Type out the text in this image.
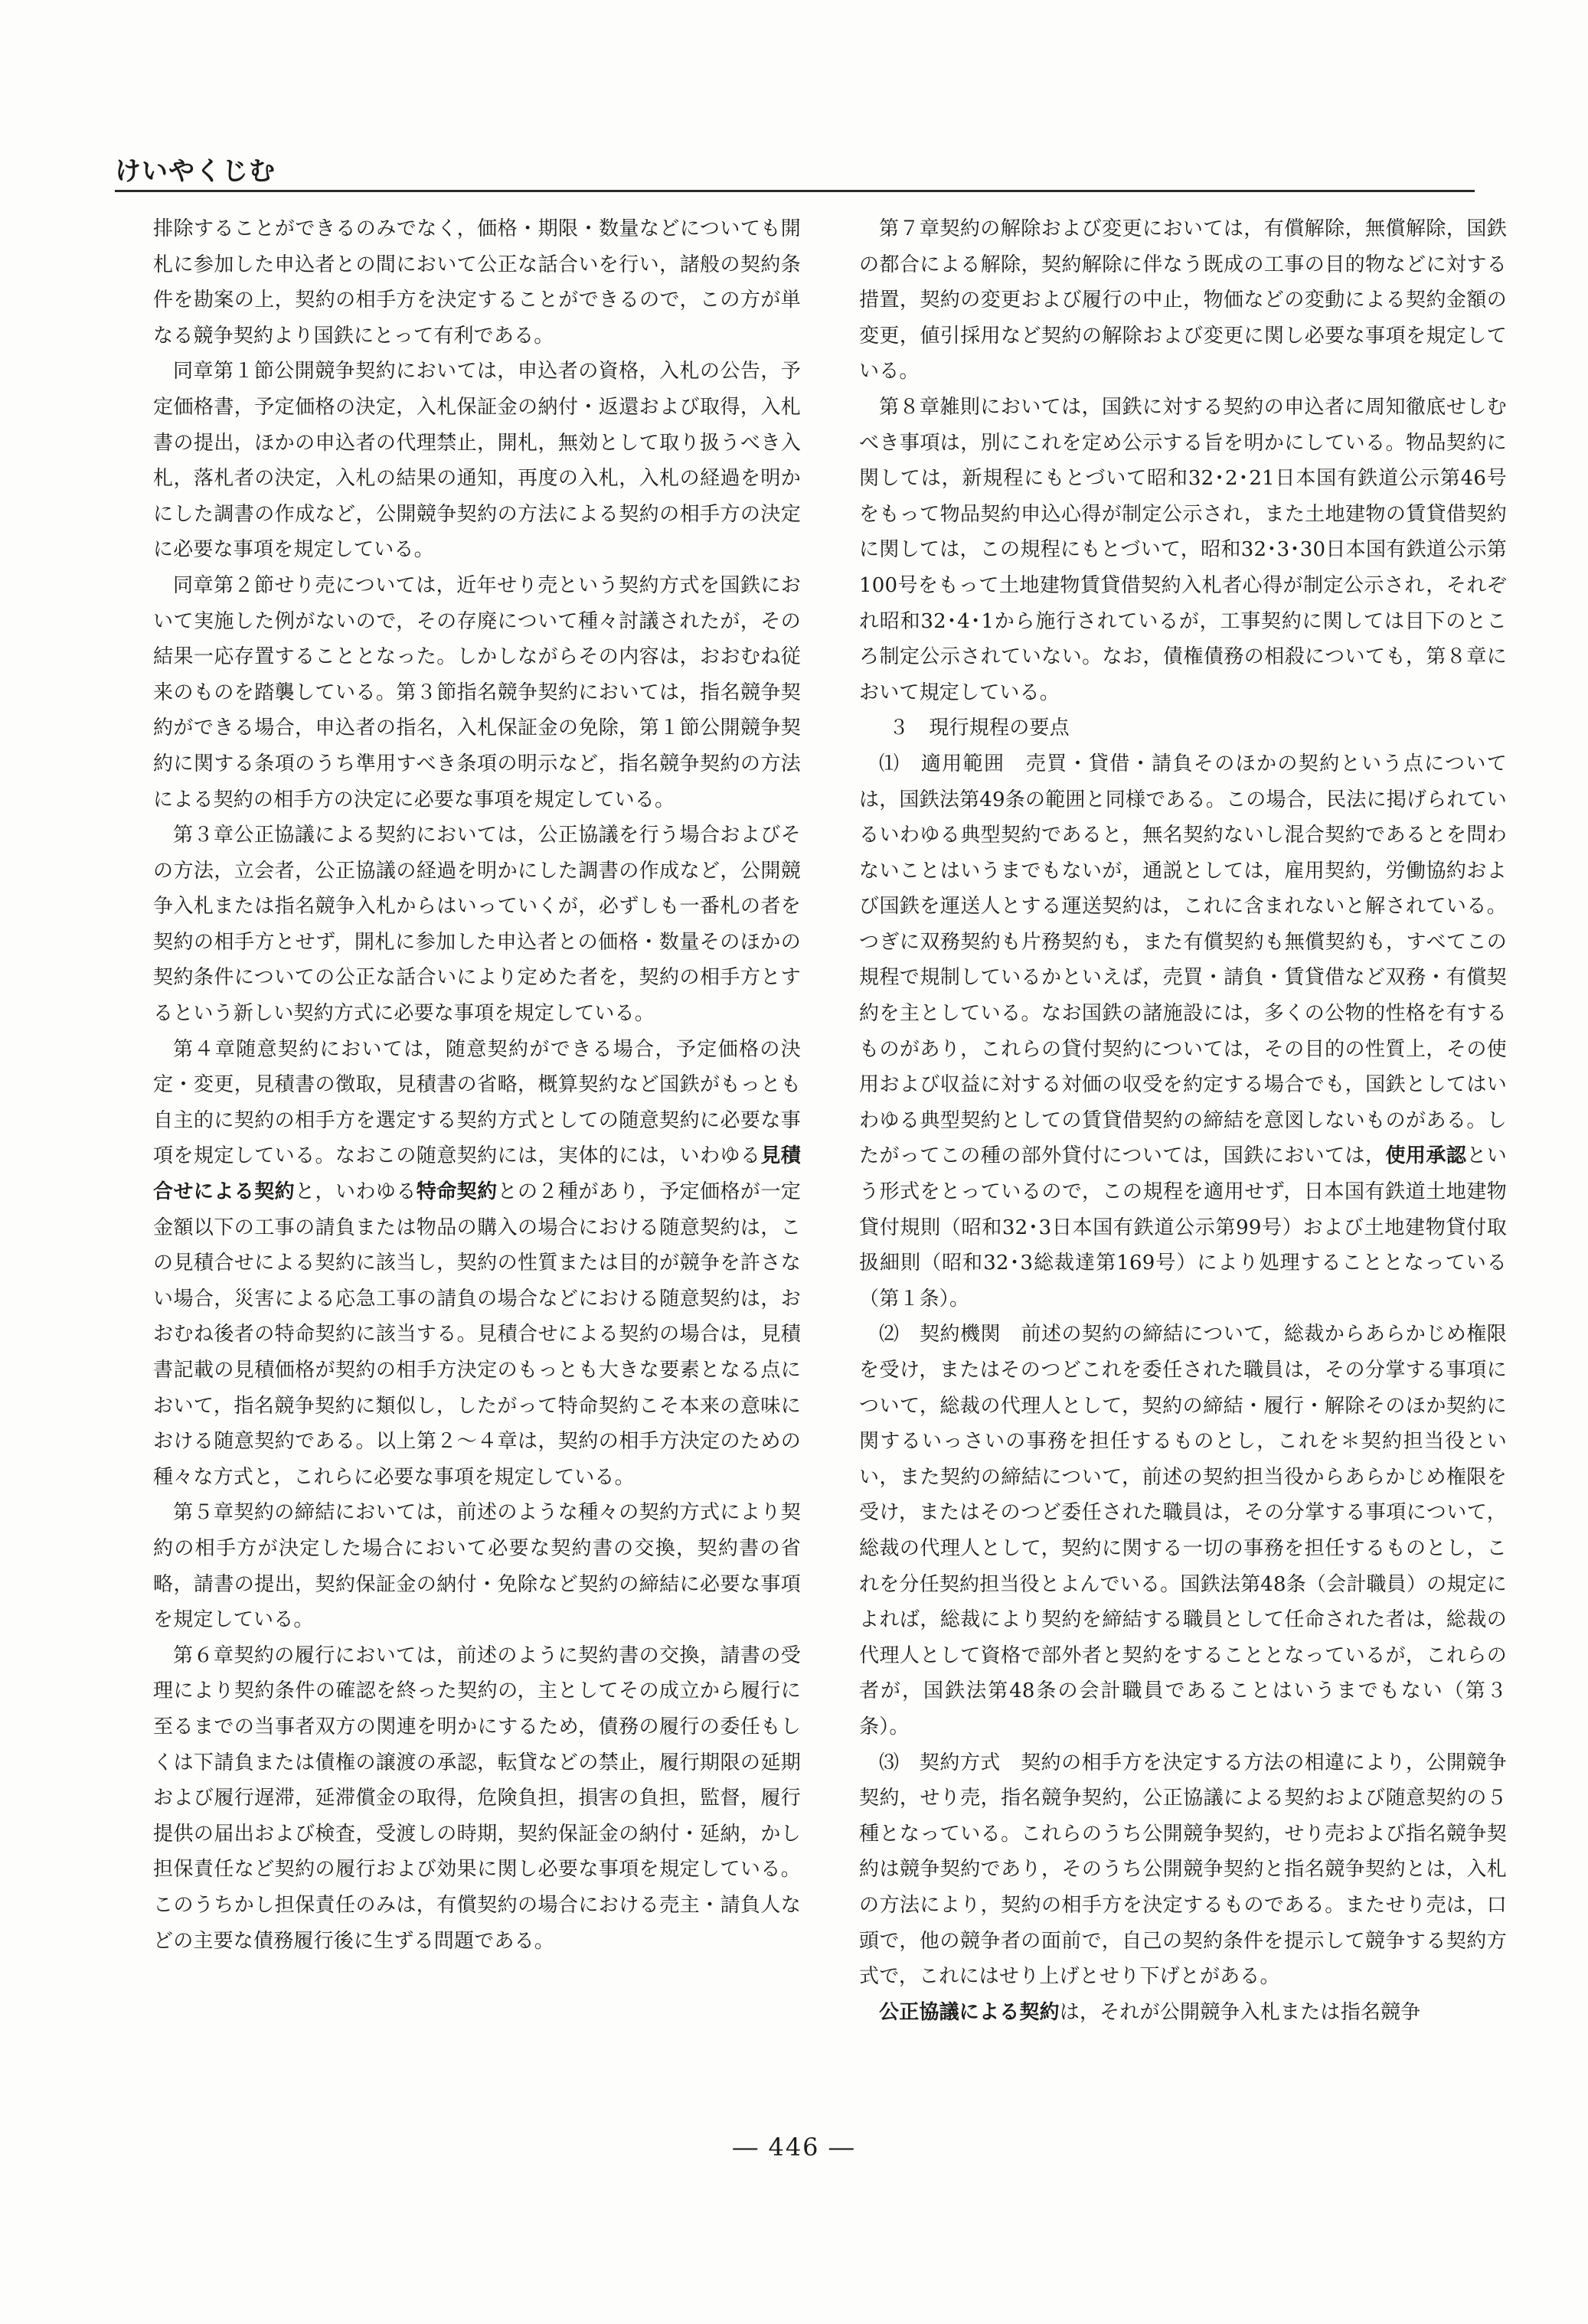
けいやくじむ

排除することができるのみでなく，価格・期限・数量などについても開札に参加した申込者との間において公正な話合いを行い，諸般の契約条件を勘案の上，契約の相手方を決定することができるので，この方が単なる競争契約より国鉄にとって有利である。

同章第１節公開競争契約においては，申込者の資格，入札の公告，予定価格書，予定価格の決定，入札保証金の納付・返還および取得，入札書の提出，ほかの申込者の代理禁止，開札，無効として取り扱うべき入札，落札者の決定，入札の結果の通知，再度の入札，入札の経過を明かにした調書の作成など，公開競争契約の方法による契約の相手方の決定に必要な事項を規定している。

同章第２節せり売については，近年せり売という契約方式を国鉄において実施した例がないので，その存廃について種々討議されたが，その結果一応存置することとなった。しかしながらその内容は，おおむね従来のものを踏襲している。第３節指名競争契約においては，指名競争契約ができる場合，申込者の指名，入札保証金の免除，第１節公開競争契約に関する条項のうち準用すべき条項の明示など，指名競争契約の方法による契約の相手方の決定に必要な事項を規定している。

第３章公正協議による契約においては，公正協議を行う場合およびその方法，立会者，公正協議の経過を明かにした調書の作成など，公開競争入札または指名競争入札からはいっていくが，必ずしも一番札の者を契約の相手方とせず，開札に参加した申込者との価格・数量そのほかの契約条件についての公正な話合いにより定めた者を，契約の相手方とするという新しい契約方式に必要な事項を規定している。

第４章随意契約においては，随意契約ができる場合，予定価格の決定・変更，見積書の徴取，見積書の省略，概算契約など国鉄がもっとも自主的に契約の相手方を選定する契約方式としての随意契約に必要な事項を規定している。なおこの随意契約には，実体的には，いわゆる見積合せによる契約と，いわゆる特命契約との２種があり，予定価格が一定金額以下の工事の請負または物品の購入の場合における随意契約は，この見積合せによる契約に該当し，契約の性質または目的が競争を許さない場合，災害による応急工事の請負の場合などにおける随意契約は，おおむね後者の特命契約に該当する。見積合せによる契約の場合は，見積書記載の見積価格が契約の相手方決定のもっとも大きな要素となる点において，指名競争契約に類似し，したがって特命契約こそ本来の意味における随意契約である。以上第２～４章は，契約の相手方決定のための種々な方式と，これらに必要な事項を規定している。

第５章契約の締結においては，前述のような種々の契約方式により契約の相手方が決定した場合において必要な契約書の交換，契約書の省略，請書の提出，契約保証金の納付・免除など契約の締結に必要な事項を規定している。

第６章契約の履行においては，前述のように契約書の交換，請書の受理により契約条件の確認を終った契約の，主としてその成立から履行に至るまでの当事者双方の関連を明かにするため，債務の履行の委任もしくは下請負または債権の譲渡の承認，転貸などの禁止，履行期限の延期および履行遅滞，延滞償金の取得，危険負担，損害の負担，監督，履行提供の届出および検査，受渡しの時期，契約保証金の納付・延納，かし担保責任など契約の履行および効果に関し必要な事項を規定している。このうちかし担保責任のみは，有償契約の場合における売主・請負人などの主要な債務履行後に生ずる問題である。

第７章契約の解除および変更においては，有償解除，無償解除，国鉄の都合による解除，契約解除に伴なう既成の工事の目的物などに対する措置，契約の変更および履行の中止，物価などの変動による契約金額の変更，値引採用など契約の解除および変更に関し必要な事項を規定している。

第８章雑則においては，国鉄に対する契約の申込者に周知徹底せしむべき事項は，別にこれを定め公示する旨を明かにしている。物品契約に関しては，新規程にもとづいて昭和32･2･21日本国有鉄道公示第46号をもって物品契約申込心得が制定公示され，また土地建物の賃貸借契約に関しては，この規程にもとづいて，昭和32･3･30日本国有鉄道公示第100号をもって土地建物賃貸借契約入札者心得が制定公示され，それぞれ昭和32･4･1から施行されているが，工事契約に関しては目下のところ制定公示されていない。なお，債権債務の相殺についても，第８章において規定している。

３　現行規程の要点

⑴　適用範囲　売買・貸借・請負そのほかの契約という点については，国鉄法第49条の範囲と同様である。この場合，民法に掲げられているいわゆる典型契約であると，無名契約ないし混合契約であるとを問わないことはいうまでもないが，通説としては，雇用契約，労働協約および国鉄を運送人とする運送契約は，これに含まれないと解されている。つぎに双務契約も片務契約も，また有償契約も無償契約も，すべてこの規程で規制しているかといえば，売買・請負・賃貸借など双務・有償契約を主としている。なお国鉄の諸施設には，多くの公物的性格を有するものがあり，これらの貸付契約については，その目的の性質上，その使用および収益に対する対価の収受を約定する場合でも，国鉄としてはいわゆる典型契約としての賃貸借契約の締結を意図しないものがある。したがってこの種の部外貸付については，国鉄においては，使用承認という形式をとっているので，この規程を適用せず，日本国有鉄道土地建物貸付規則（昭和32･3日本国有鉄道公示第99号）および土地建物貸付取扱細則（昭和32･3総裁達第169号）により処理することとなっている（第１条）。

⑵　契約機関　前述の契約の締結について，総裁からあらかじめ権限を受け，またはそのつどこれを委任された職員は，その分掌する事項について，総裁の代理人として，契約の締結・履行・解除そのほか契約に関するいっさいの事務を担任するものとし，これを＊契約担当役といい，また契約の締結について，前述の契約担当役からあらかじめ権限を受け，またはそのつど委任された職員は，その分掌する事項について，総裁の代理人として，契約に関する一切の事務を担任するものとし，これを分任契約担当役とよんでいる。国鉄法第48条（会計職員）の規定によれば，総裁により契約を締結する職員として任命された者は，総裁の代理人として資格で部外者と契約をすることとなっているが，これらの者が，国鉄法第48条の会計職員であることはいうまでもない（第３条）。

⑶　契約方式　契約の相手方を決定する方法の相違により，公開競争契約，せり売，指名競争契約，公正協議による契約および随意契約の５種となっている。これらのうち公開競争契約，せり売および指名競争契約は競争契約であり，そのうち公開競争契約と指名競争契約とは，入札の方法により，契約の相手方を決定するものである。またせり売は，口頭で，他の競争者の面前で，自己の契約条件を提示して競争する契約方式で，これにはせり上げとせり下げとがある。

公正協議による契約は，それが公開競争入札または指名競争

― 446 ―
